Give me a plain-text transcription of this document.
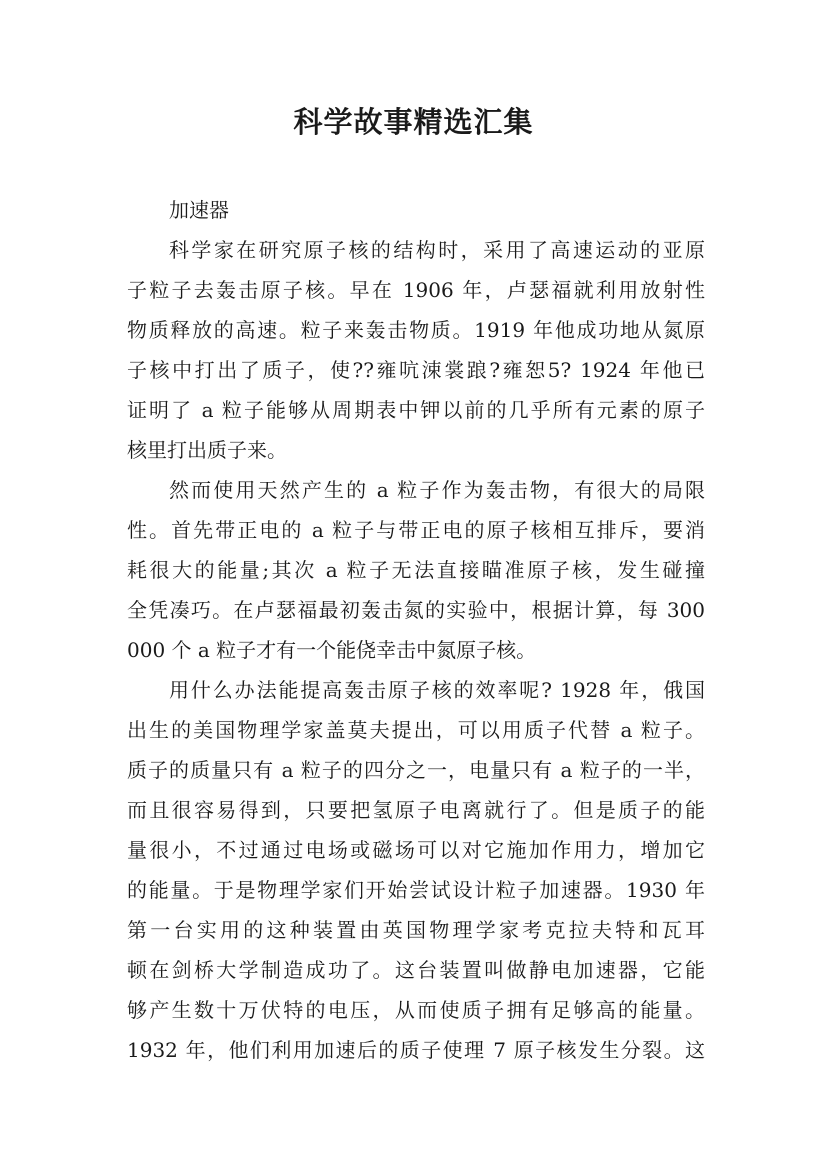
科学故事精选汇集
加速器
科学家在研究原子核的结构时，采用了高速运动的亚原
子粒子去轰击原子核。早在 1906 年，卢瑟福就利用放射性
物质释放的高速。粒子来轰击物质。1919 年他成功地从氮原
子核中打出了质子，使??雍吭涑裳踉?雍恕5? 1924 年他已
证明了 a 粒子能够从周期表中钾以前的几乎所有元素的原子
核里打出质子来。
然而使用天然产生的 a 粒子作为轰击物，有很大的局限
性。首先带正电的 a 粒子与带正电的原子核相互排斥，要消
耗很大的能量;其次 a 粒子无法直接瞄准原子核，发生碰撞
全凭凑巧。在卢瑟福最初轰击氮的实验中，根据计算，每 300
000 个 a 粒子才有一个能侥幸击中氮原子核。
用什么办法能提高轰击原子核的效率呢? 1928 年，俄国
出生的美国物理学家盖莫夫提出，可以用质子代替 a 粒子。
质子的质量只有 a 粒子的四分之一，电量只有 a 粒子的一半，
而且很容易得到，只要把氢原子电离就行了。但是质子的能
量很小，不过通过电场或磁场可以对它施加作用力，增加它
的能量。于是物理学家们开始尝试设计粒子加速器。1930 年
第一台实用的这种装置由英国物理学家考克拉夫特和瓦耳
顿在剑桥大学制造成功了。这台装置叫做静电加速器，它能
够产生数十万伏特的电压，从而使质子拥有足够高的能量。
1932 年，他们利用加速后的质子使理 7 原子核发生分裂。这
